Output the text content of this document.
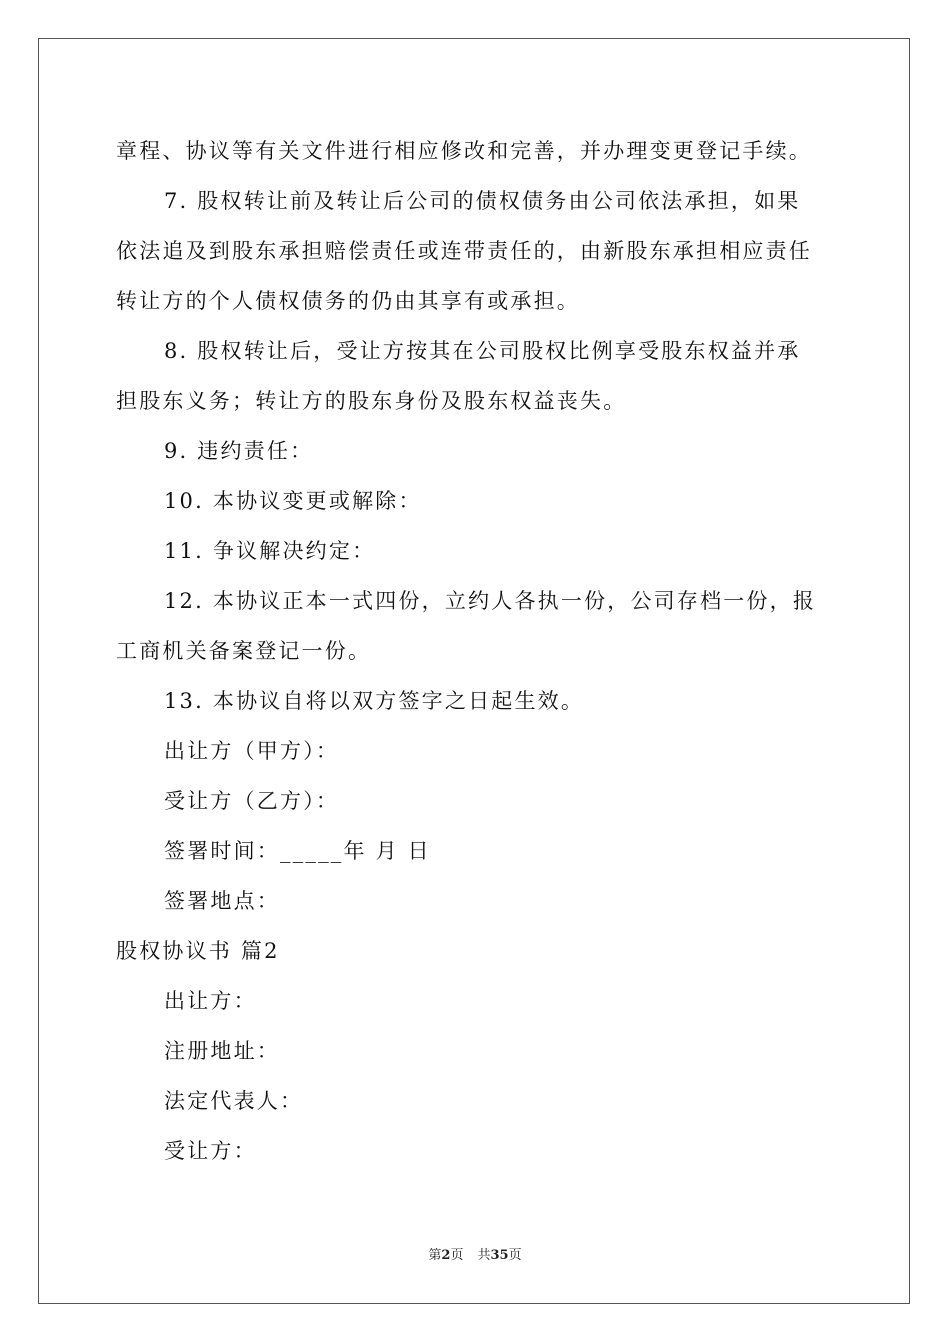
章程、协议等有关文件进行相应修改和完善，并办理变更登记手续。
7. 股权转让前及转让后公司的债权债务由公司依法承担，如果
依法追及到股东承担赔偿责任或连带责任的，由新股东承担相应责任
转让方的个人债权债务的仍由其享有或承担。
8. 股权转让后，受让方按其在公司股权比例享受股东权益并承
担股东义务；转让方的股东身份及股东权益丧失。
9. 违约责任：
10. 本协议变更或解除：
11. 争议解决约定：
12. 本协议正本一式四份，立约人各执一份，公司存档一份，报
工商机关备案登记一份。
13. 本协议自将以双方签字之日起生效。
出让方（甲方）：
受让方（乙方）：
签署时间：_____年 月 日
签署地点：
股权协议书 篇2
出让方：
注册地址：
法定代表人：
受让方：
第2页 共35页
